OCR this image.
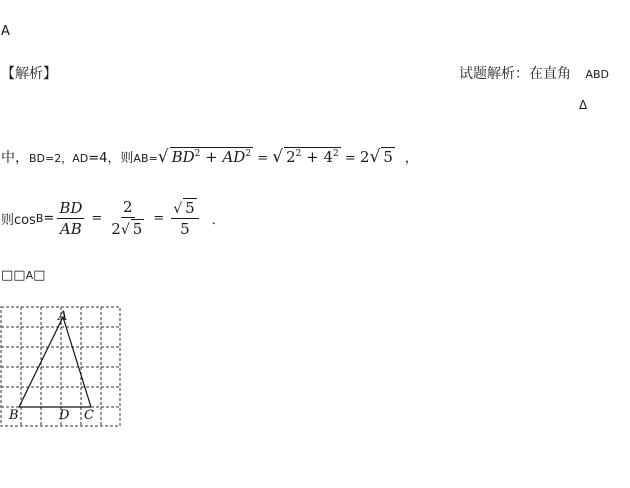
A
【解析】	试题解析：在直角 ABD
Δ
中，BD=2，AD=4，则AB=√ $BD^2 + AD^2$ = √ $2^2 + 4^2 = 2√$ 5 ，
则$\cos B = \frac{BD}{AB} = \frac{2}{2√ 5} = \frac{√ 5}{5}$ ．
□□A□
A
B	D C
